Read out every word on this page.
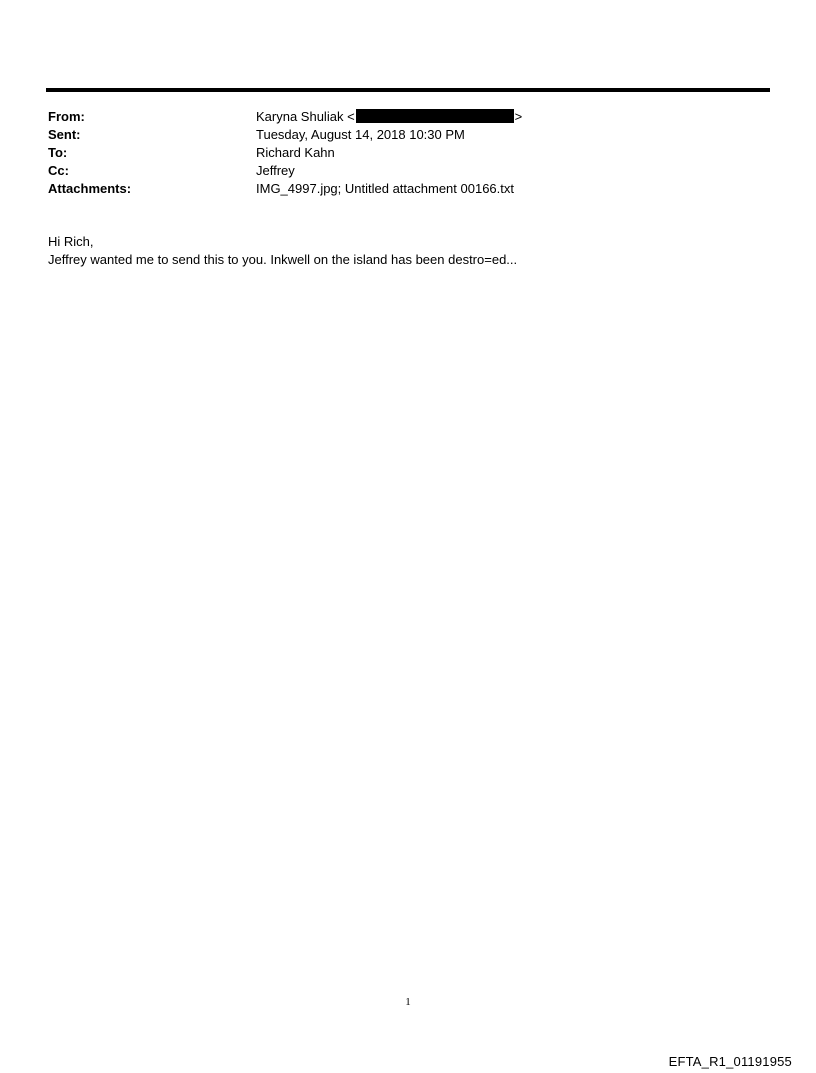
From:	Karyna Shuliak <	>
Sent:	Tuesday, August 14, 2018 10:30 PM
To:	Richard Kahn
Cc:	Jeffrey
Attachments:	IMG_4997.jpg; Untitled attachment 00166.txt
Hi Rich,
Jeffrey wanted me to send this to you. Inkwell on the island has been destro=ed...
1
EFTA_R1_01191955
